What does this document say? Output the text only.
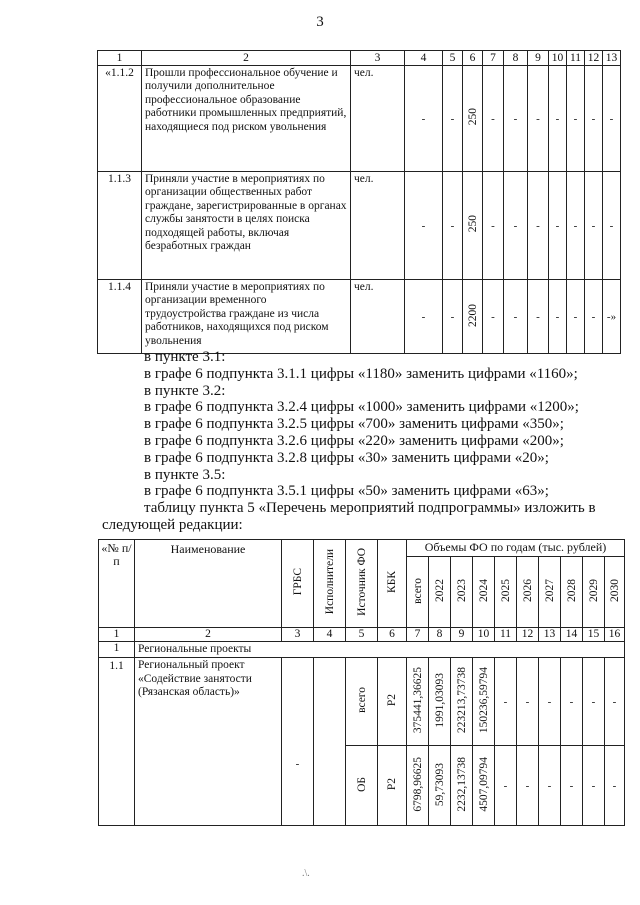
3
1	2	3	4	5	6	7	8	9	10	11	12	13
«1.1.2	Прошли профессиональное обучение и получили дополнительное профессиональное образование работники промышленных предприятий, находящиеся под риском увольнения	чел.	-	-	250	-	-	-	-	-	-	-
1.1.3	Приняли участие в мероприятиях по организации общественных работ граждане, зарегистрированные в органах службы занятости в целях поиска подходящей работы, включая безработных граждан	чел.	-	-	250	-	-	-	-	-	-	-
1.1.4	Приняли участие в мероприятиях по организации временного трудоустройства граждане из числа работников, находящихся под риском увольнения	чел.	-	-	2200	-	-	-	-	-	-	-»
в пункте 3.1:
в графе 6 подпункта 3.1.1 цифры «1180» заменить цифрами «1160»;
в пункте 3.2:
в графе 6 подпункта 3.2.4 цифры «1000» заменить цифрами «1200»;
в графе 6 подпункта 3.2.5 цифры «700» заменить цифрами «350»;
в графе 6 подпункта 3.2.6 цифры «220» заменить цифрами «200»;
в графе 6 подпункта 3.2.8 цифры «30» заменить цифрами «20»;
в пункте 3.5:
в графе 6 подпункта 3.5.1 цифры «50» заменить цифрами «63»;
таблицу пункта 5 «Перечень мероприятий подпрограммы» изложить в
следующей редакции:
«№ п/п	Наименование	ГРБС	Исполнители	Источник ФО	КБК	Объемы ФО по годам (тыс. рублей)									
						всего	2022	2023	2024	2025	2026	2027	2028	2029	2030
1	2	3	4	5	6	7	8	9	10	11	12	13	14	15	16
1	Региональные проекты														
1.1	Региональный проект «Содействие занятости (Рязанская область)»	-		всего	Р2	375441,36625	1991,03093	223213,73738	150236,59794	-	-	-	-	-	-
				ОБ	Р2	6798,96625	59,73093	2232,13738	4507,09794	-	-	-	-	-	-
.\.
